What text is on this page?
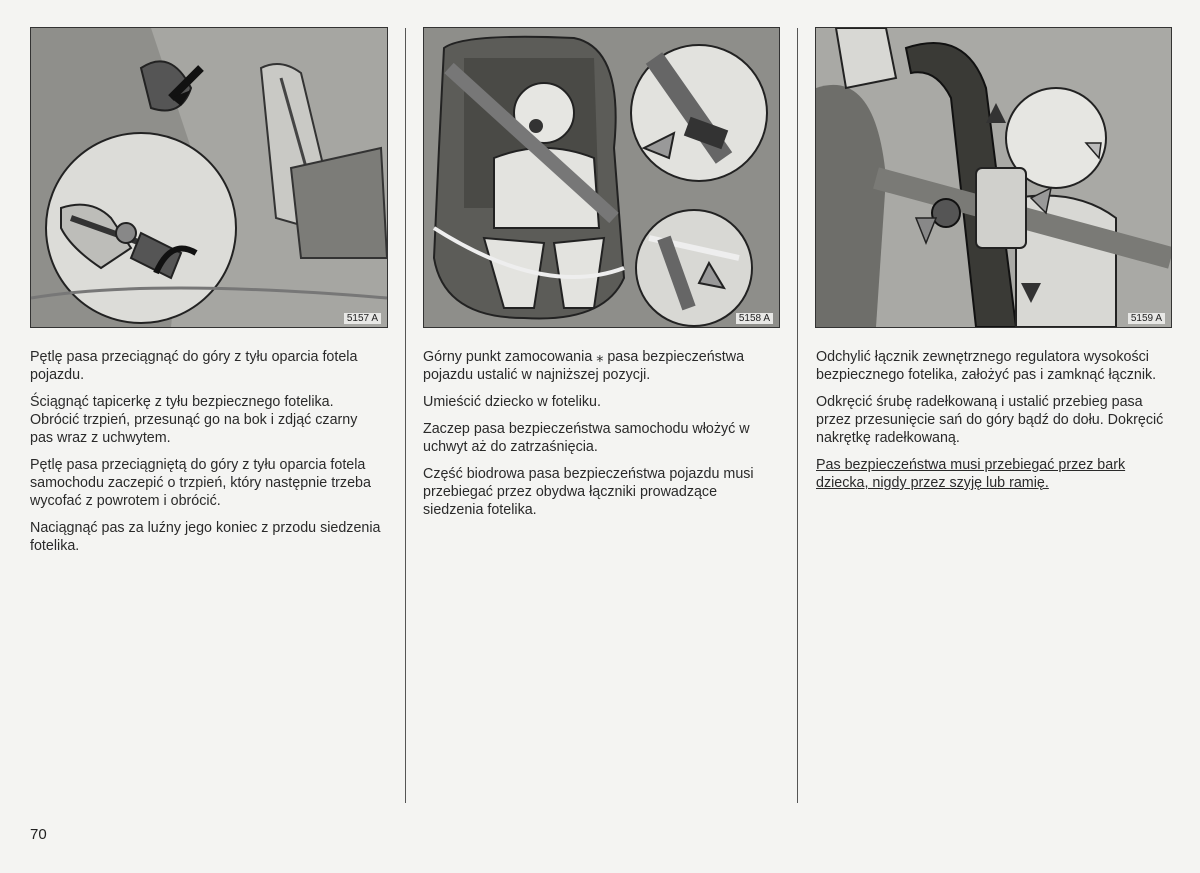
5157 A

Pętlę pasa przeciągnąć do góry z tyłu oparcia fotela pojazdu.

Ściągnąć tapicerkę z tyłu bezpiecznego fotelika. Obrócić trzpień, przesunąć go na bok i zdjąć czarny pas wraz z uchwytem.

Pętlę pasa przeciągniętą do góry z tyłu oparcia fotela samochodu zaczepić o trzpień, który następnie trzeba wycofać z powrotem i obrócić.

Naciągnąć pas za luźny jego koniec z przodu siedzenia fotelika.

5158 A

Górny punkt zamocowania ⁎ pasa bezpieczeństwa pojazdu ustalić w najniższej pozycji.

Umieścić dziecko w foteliku.

Zaczep pasa bezpieczeństwa samochodu włożyć w uchwyt aż do zatrzaśnięcia.

Część biodrowa pasa bezpieczeństwa pojazdu musi przebiegać przez obydwa łączniki prowadzące siedzenia fotelika.

5159 A

Odchylić łącznik zewnętrznego regulatora wysokości bezpiecznego fotelika, założyć pas i zamknąć łącznik.

Odkręcić śrubę radełkowaną i ustalić przebieg pasa przez przesunięcie sań do góry bądź do dołu. Dokręcić nakrętkę radełkowaną.

Pas bezpieczeństwa musi przebiegać przez bark dziecka, nigdy przez szyję lub ramię.

70
